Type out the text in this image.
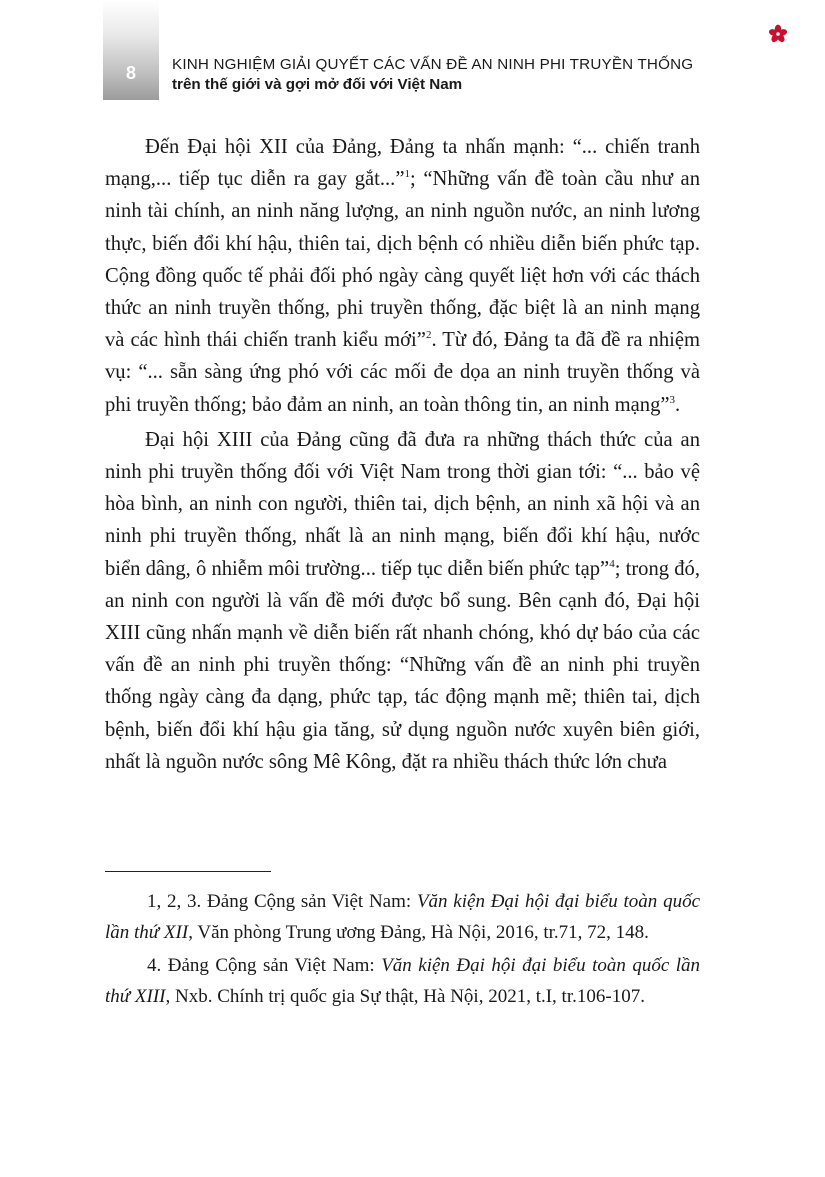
8	KINH NGHIỆM GIẢI QUYẾT CÁC VẤN ĐỀ AN NINH PHI TRUYỀN THỐNG
trên thế giới và gợi mở đối với Việt Nam

Đến Đại hội XII của Đảng, Đảng ta nhấn mạnh: “... chiến tranh mạng,... tiếp tục diễn ra gay gắt...”$^1$; “Những vấn đề toàn cầu như an ninh tài chính, an ninh năng lượng, an ninh nguồn nước, an ninh lương thực, biến đổi khí hậu, thiên tai, dịch bệnh có nhiều diễn biến phức tạp. Cộng đồng quốc tế phải đối phó ngày càng quyết liệt hơn với các thách thức an ninh truyền thống, phi truyền thống, đặc biệt là an ninh mạng và các hình thái chiến tranh kiểu mới”$^2$. Từ đó, Đảng ta đã đề ra nhiệm vụ: “... sẵn sàng ứng phó với các mối đe dọa an ninh truyền thống và phi truyền thống; bảo đảm an ninh, an toàn thông tin, an ninh mạng”$^3$.

Đại hội XIII của Đảng cũng đã đưa ra những thách thức của an ninh phi truyền thống đối với Việt Nam trong thời gian tới: “... bảo vệ hòa bình, an ninh con người, thiên tai, dịch bệnh, an ninh xã hội và an ninh phi truyền thống, nhất là an ninh mạng, biến đổi khí hậu, nước biển dâng, ô nhiễm môi trường... tiếp tục diễn biến phức tạp”$^4$; trong đó, an ninh con người là vấn đề mới được bổ sung. Bên cạnh đó, Đại hội XIII cũng nhấn mạnh về diễn biến rất nhanh chóng, khó dự báo của các vấn đề an ninh phi truyền thống: “Những vấn đề an ninh phi truyền thống ngày càng đa dạng, phức tạp, tác động mạnh mẽ; thiên tai, dịch bệnh, biến đổi khí hậu gia tăng, sử dụng nguồn nước xuyên biên giới, nhất là nguồn nước sông Mê Kông, đặt ra nhiều thách thức lớn chưa

1, 2, 3. Đảng Cộng sản Việt Nam: Văn kiện Đại hội đại biểu toàn quốc lần thứ XII, Văn phòng Trung ương Đảng, Hà Nội, 2016, tr.71, 72, 148.

4. Đảng Cộng sản Việt Nam: Văn kiện Đại hội đại biểu toàn quốc lần thứ XIII, Nxb. Chính trị quốc gia Sự thật, Hà Nội, 2021, t.I, tr.106-107.
